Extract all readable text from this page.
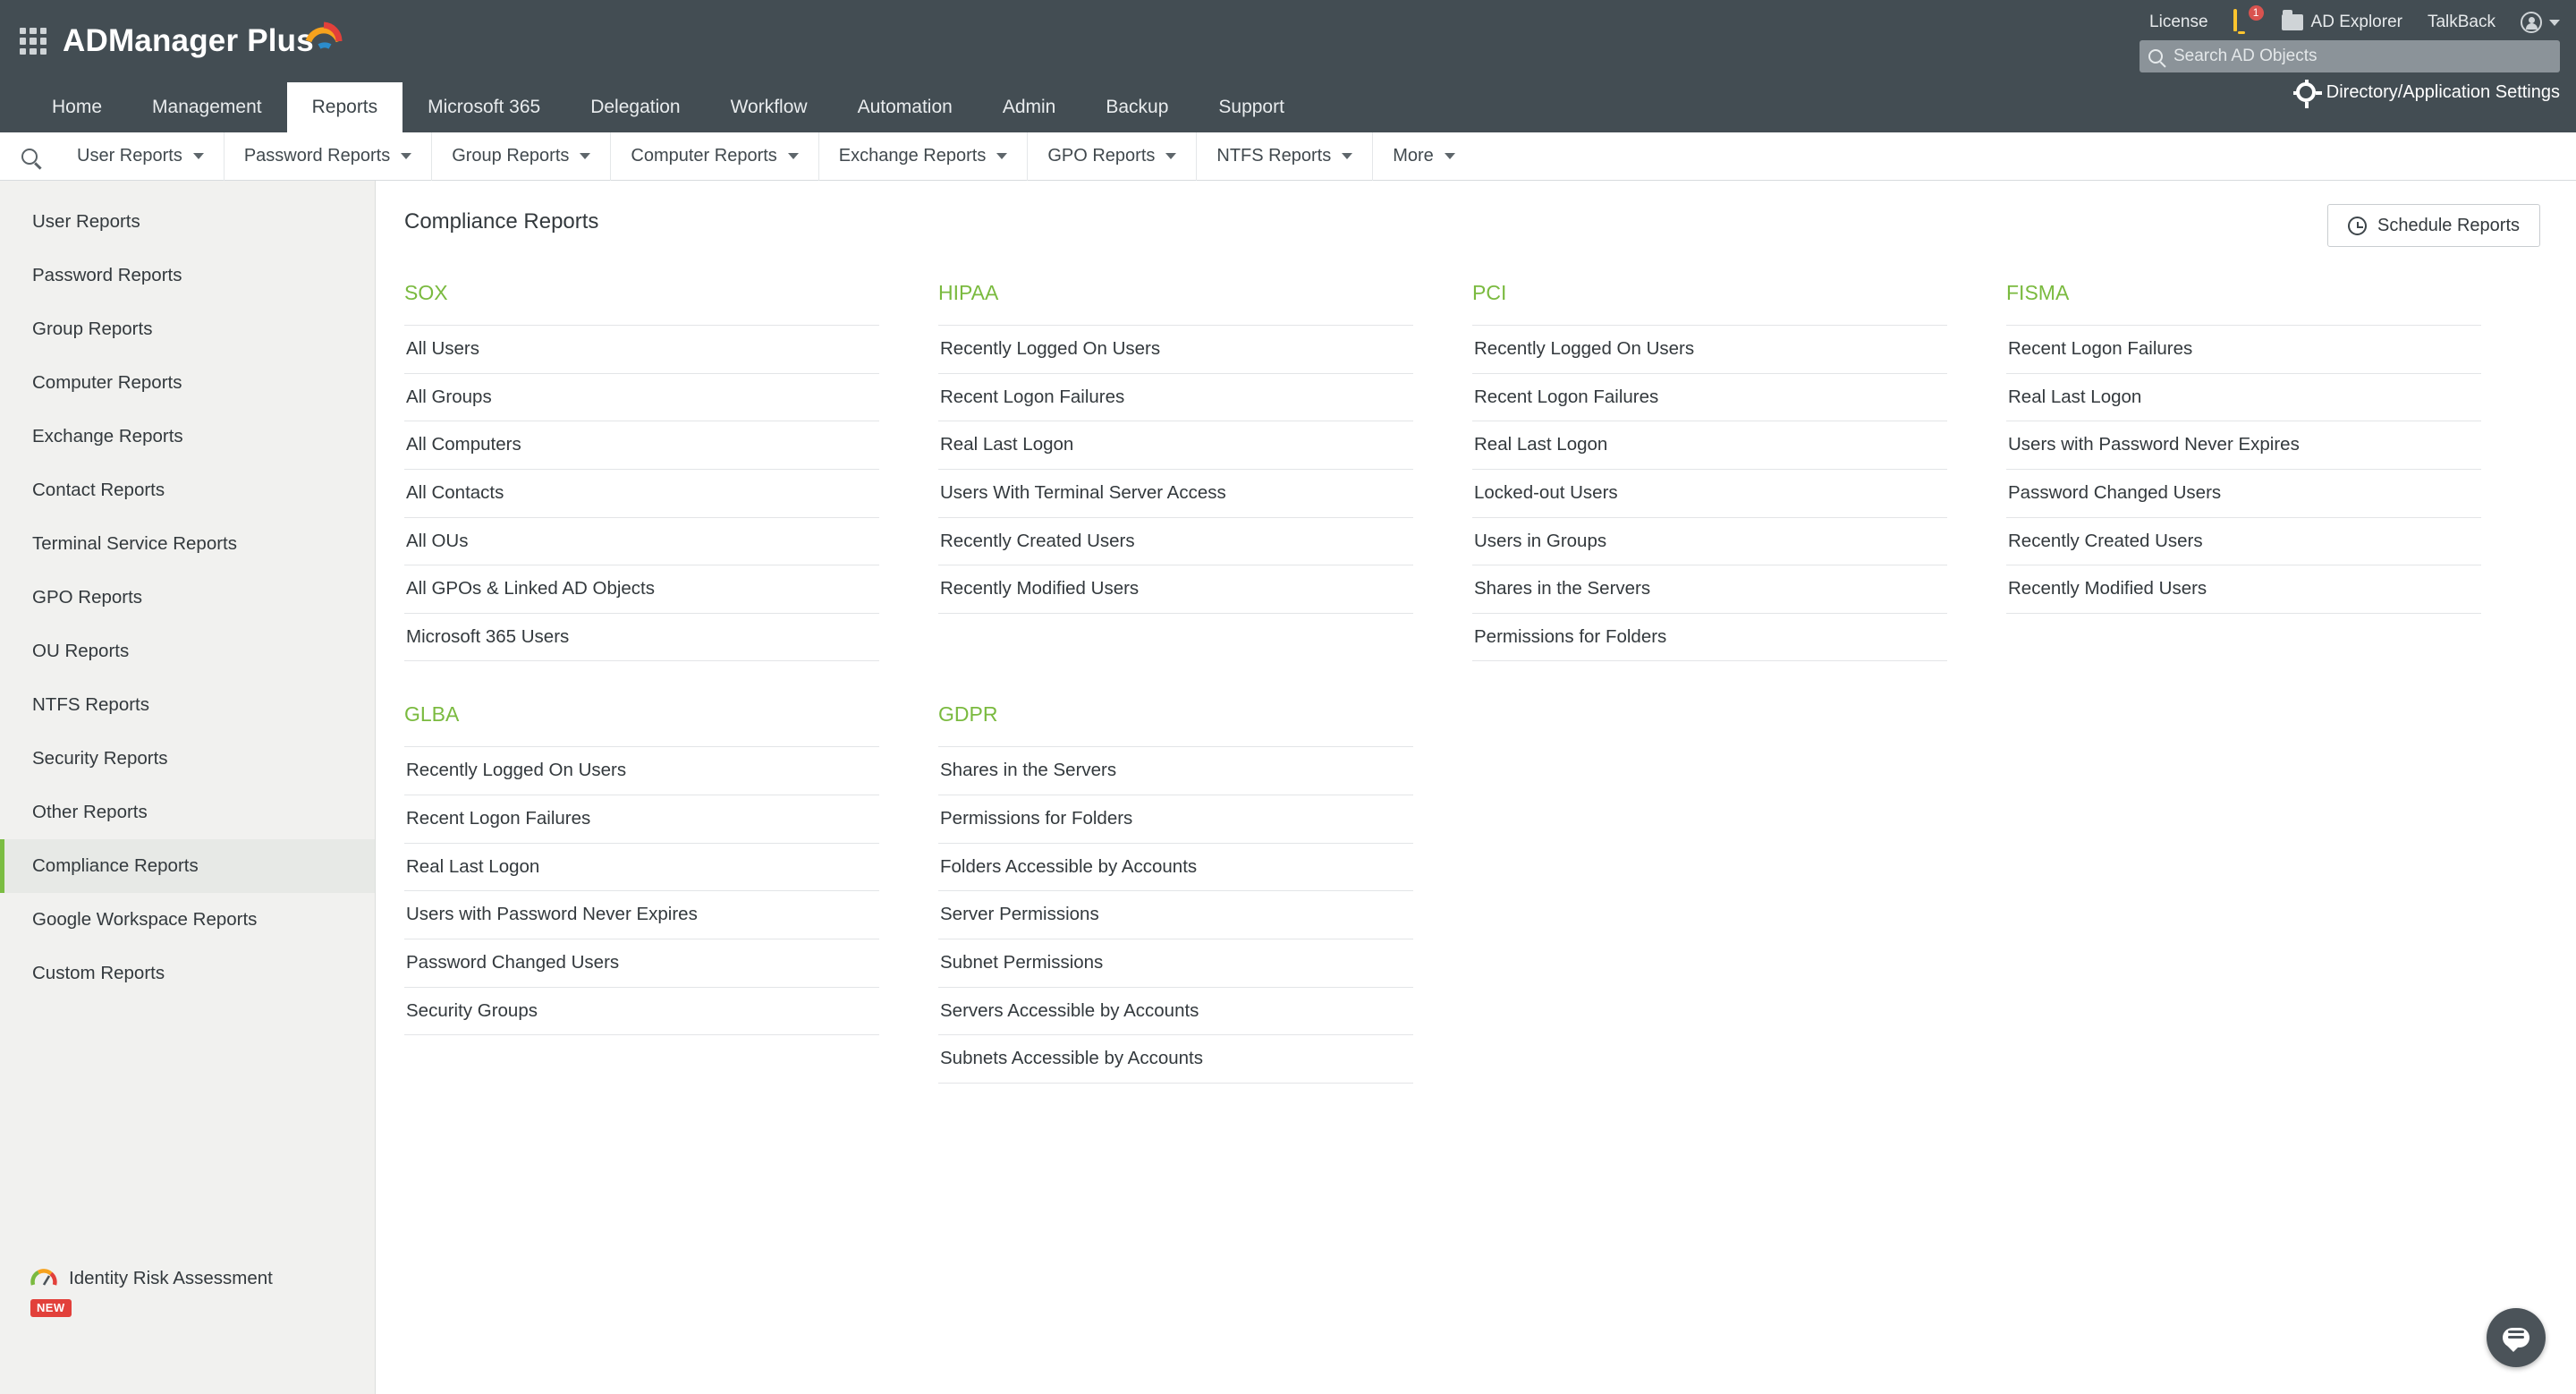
ADManager Plus
License	1	AD Explorer TalkBack
Search AD Objects
Directory/Application Settings
Home	Management	Reports	Microsoft 365	Delegation	Workflow	Automation	Admin	Backup	Support
User Reports	Password Reports	Group Reports	Computer Reports	Exchange Reports	GPO Reports	NTFS Reports	More
User Reports
Password Reports
Group Reports
Computer Reports
Exchange Reports
Contact Reports
Terminal Service Reports
GPO Reports
OU Reports
NTFS Reports
Security Reports
Other Reports
Compliance Reports
Google Workspace Reports
Custom Reports
Identity Risk Assessment
NEW
Compliance Reports	Schedule Reports
SOX
All Users
All Groups
All Computers
All Contacts
All OUs
All GPOs & Linked AD Objects
Microsoft 365 Users
HIPAA
Recently Logged On Users
Recent Logon Failures
Real Last Logon
Users With Terminal Server Access
Recently Created Users
Recently Modified Users
PCI
Recently Logged On Users
Recent Logon Failures
Real Last Logon
Locked-out Users
Users in Groups
Shares in the Servers
Permissions for Folders
FISMA
Recent Logon Failures
Real Last Logon
Users with Password Never Expires
Password Changed Users
Recently Created Users
Recently Modified Users
GLBA
Recently Logged On Users
Recent Logon Failures
Real Last Logon
Users with Password Never Expires
Password Changed Users
Security Groups
GDPR
Shares in the Servers
Permissions for Folders
Folders Accessible by Accounts
Server Permissions
Subnet Permissions
Servers Accessible by Accounts
Subnets Accessible by Accounts
